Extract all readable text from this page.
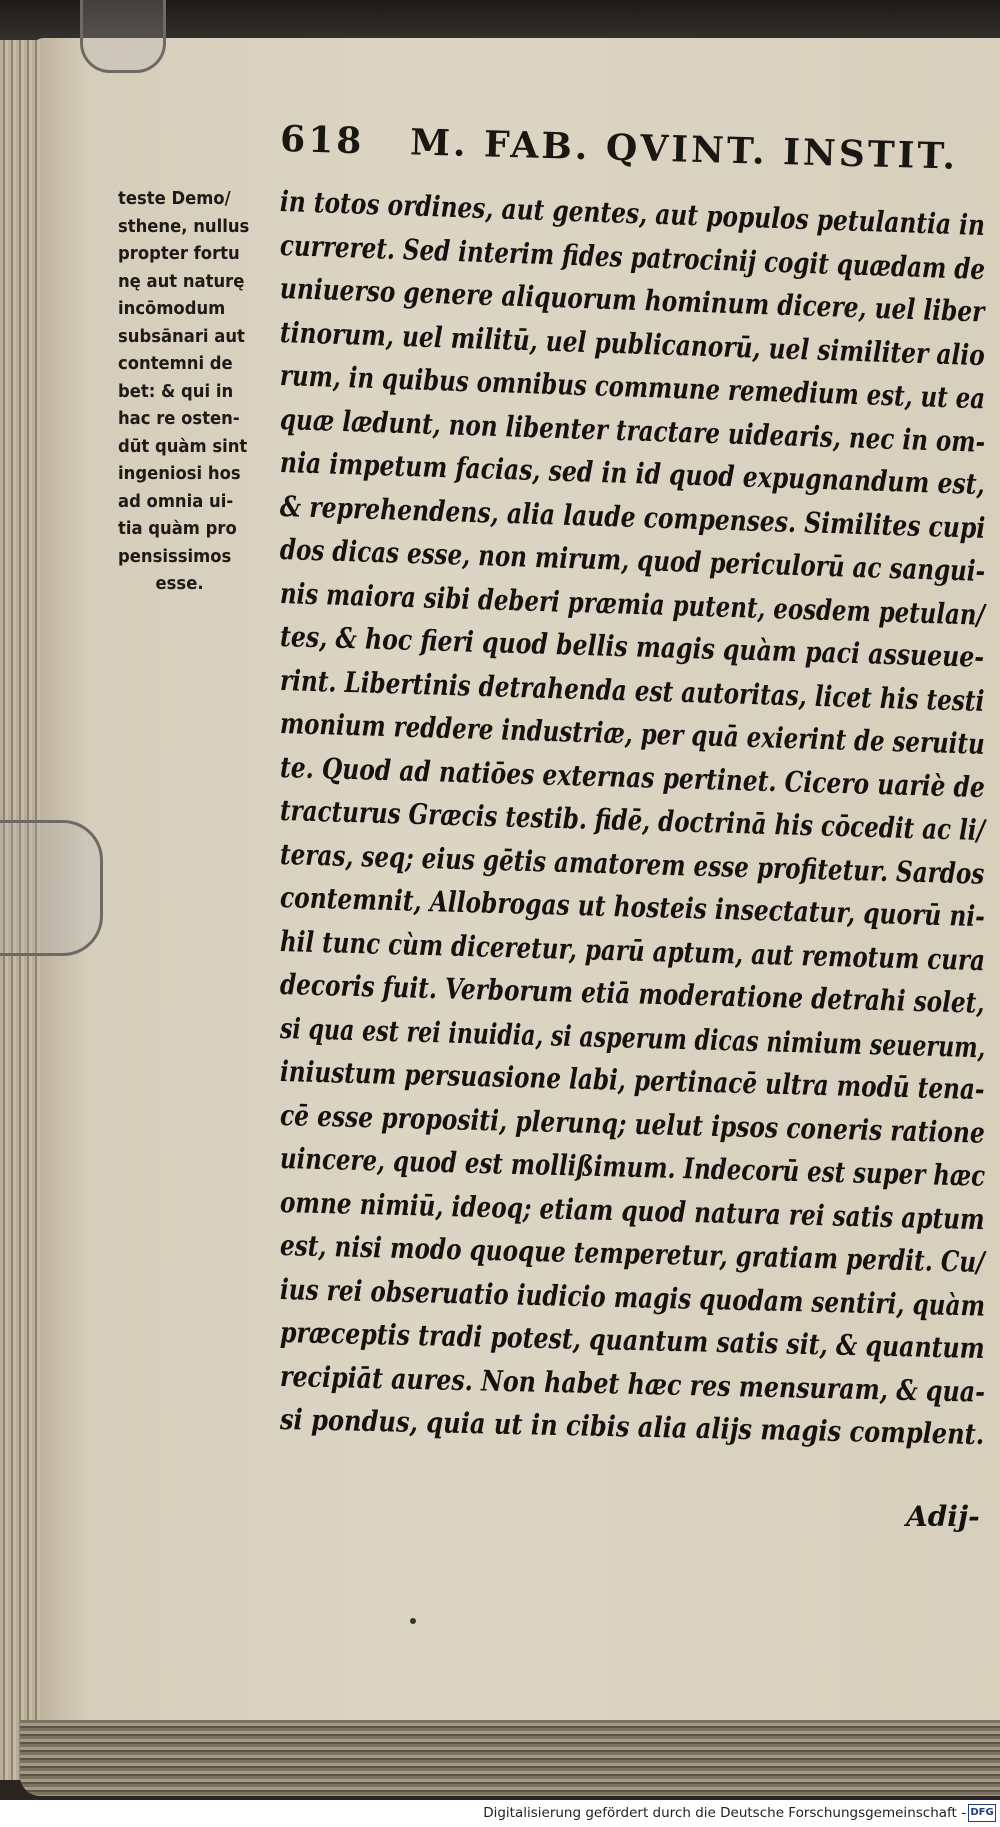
618 M. FAB. QVINT. INSTIT.
teste Demo/
sthene, nullus
propter fortu
nę aut naturę
incōmodum
subsānari aut
contemni de
bet: & qui in
hac re osten-
dūt quàm sint
ingeniosi hos
ad omnia ui-
tia quàm pro
pensissimos
esse.
in totos ordines, aut gentes, aut populos petulantia in
curreret. Sed interim fides patrocinij cogit quædam de
uniuerso genere aliquorum hominum dicere, uel liber
tinorum, uel militū, uel publicanorū, uel similiter alio
rum, in quibus omnibus commune remedium est, ut ea
quæ lædunt, non libenter tractare uidearis, nec in om-
nia impetum facias, sed in id quod expugnandum est,
& reprehendens, alia laude compenses. Similites cupi
dos dicas esse, non mirum, quod periculorū ac sangui-
nis maiora sibi deberi præmia putent, eosdem petulan/
tes, & hoc fieri quod bellis magis quàm paci assueue-
rint. Libertinis detrahenda est autoritas, licet his testi
monium reddere industriæ, per quā exierint de seruitu
te. Quod ad natiōes externas pertinet. Cicero uariè de
tracturus Græcis testib. fidē, doctrinā his cōcedit ac li/
teras, seq; eius gētis amatorem esse profitetur. Sardos
contemnit, Allobrogas ut hosteis insectatur, quorū ni-
hil tunc cùm diceretur, parū aptum, aut remotum cura
decoris fuit. Verborum etiā moderatione detrahi solet,
si qua est rei inuidia, si asperum dicas nimium seuerum,
iniustum persuasione labi, pertinacē ultra modū tena-
cē esse propositi, plerunq; uelut ipsos coneris ratione
uincere, quod est mollißimum. Indecorū est super hæc
omne nimiū, ideoq; etiam quod natura rei satis aptum
est, nisi modo quoque temperetur, gratiam perdit. Cu/
ius rei obseruatio iudicio magis quodam sentiri, quàm
præceptis tradi potest, quantum satis sit, & quantum
recipiāt aures. Non habet hæc res mensuram, & qua-
si pondus, quia ut in cibis alia alijs magis complent.
Adij-
Digitalisierung gefördert durch die Deutsche Forschungsgemeinschaft - DFG
